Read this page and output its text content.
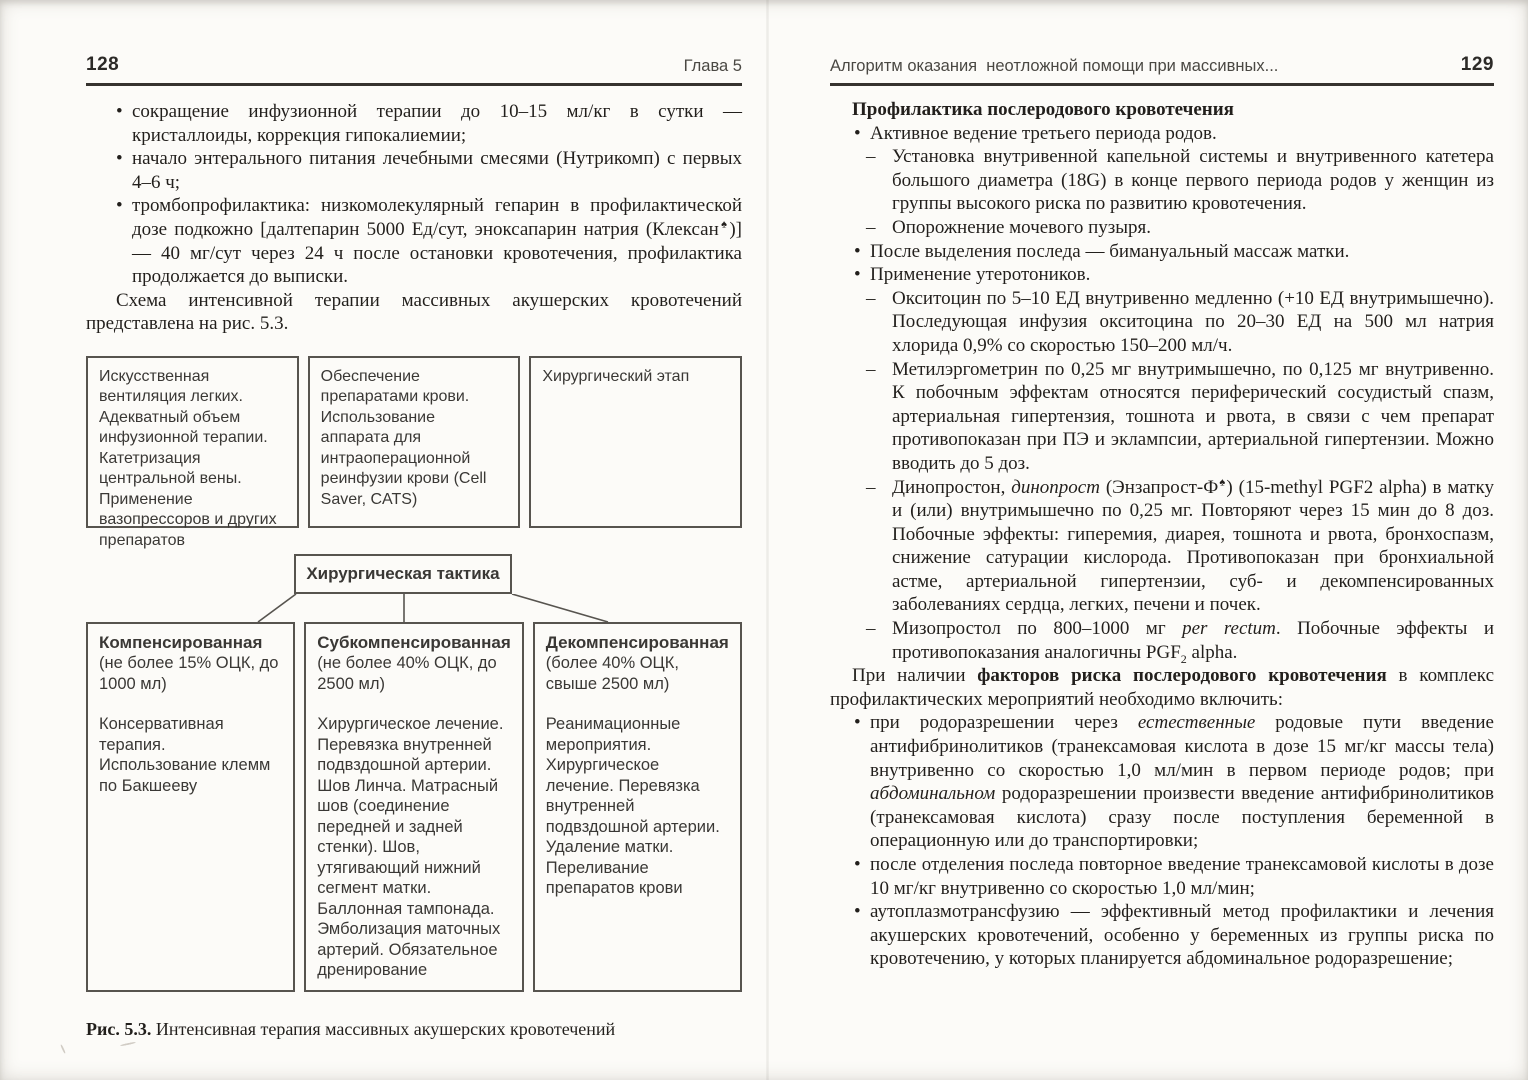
128	Глава 5
• сокращение инфузионной терапии до 10–15 мл/кг в сутки — кристаллоиды, коррекция гипокалиемии;
• начало энтерального питания лечебными смесями (Нутрикомп) с первых 4–6 ч;
• тромбопрофилактика: низкомолекулярный гепарин в профилактической дозе подкожно [далтепарин 5000 Ед/сут, эноксапарин натрия (Клексан♠)] — 40 мг/сут через 24 ч после остановки кровотечения, профилактика продолжается до выписки.
Схема интенсивной терапии массивных акушерских кровотечений представлена на рис. 5.3.
Искусственная вентиляция легких. Адекватный объем инфузионной терапии. Катетризация центральной вены. Применение вазопрессоров и других препаратов
Обеспечение препаратами крови. Использование аппарата для интраоперационной реинфузии крови (Cell Saver, CATS)
Хирургический этап
Хирургическая тактика
Компенсированная
(не более 15% ОЦК, до 1000 мл)
Консервативная терапия. Использование клемм по Бакшееву
Субкомпенсированная
(не более 40% ОЦК, до 2500 мл)
Хирургическое лечение. Перевязка внутренней подвздошной артерии. Шов Линча. Матрасный шов (соединение передней и задней стенки). Шов, утягивающий нижний сегмент матки. Баллонная тампонада. Эмболизация маточных артерий. Обязательное дренирование
Декомпенсированная
(более 40% ОЦК, свыше 2500 мл)
Реанимационные мероприятия. Хирургическое лечение. Перевязка внутренней подвздошной артерии. Удаление матки. Переливание препаратов крови
Рис. 5.3. Интенсивная терапия массивных акушерских кровотечений
Алгоритм оказания  неотложной помощи при массивных...	129
Профилактика послеродового кровотечения
• Активное ведение третьего периода родов.
– Установка внутривенной капельной системы и внутривенного катетера большого диаметра (18G) в конце первого периода родов у женщин из группы высокого риска по развитию кровотечения.
– Опорожнение мочевого пузыря.
• После выделения последа — бимануальный массаж матки.
• Применение утеротоников.
– Окситоцин по 5–10 ЕД внутривенно медленно (+10 ЕД внутримышечно). Последующая инфузия окситоцина по 20–30 ЕД на 500 мл натрия хлорида 0,9% со скоростью 150–200 мл/ч.
– Метилэргометрин по 0,25 мг внутримышечно, по 0,125 мг внутривенно. К побочным эффектам относятся периферический сосудистый спазм, артериальная гипертензия, тошнота и рвота, в связи с чем препарат противопоказан при ПЭ и эклампсии, артериальной гипертензии. Можно вводить до 5 доз.
– Динопростон, динопрост (Энзапрост-Ф♠) (15-methyl PGF2 alpha) в матку и (или) внутримышечно по 0,25 мг. Повторяют через 15 мин до 8 доз. Побочные эффекты: гиперемия, диарея, тошнота и рвота, бронхоспазм, снижение сатурации кислорода. Противопоказан при бронхиальной астме, артериальной гипертензии, суб- и декомпенсированных заболеваниях сердца, легких, печени и почек.
– Мизопростол по 800–1000 мг per rectum. Побочные эффекты и противопоказания аналогичны $PGF_2$ alpha.
При наличии факторов риска послеродового кровотечения в комплекс профилактических мероприятий необходимо включить:
• при родоразрешении через естественные родовые пути введение антифибринолитиков (транексамовая кислота в дозе 15 мг/кг массы тела) внутривенно со скоростью 1,0 мл/мин в первом периоде родов; при абдоминальном родоразрешении произвести введение антифибринолитиков (транексамовая кислота) сразу после поступления беременной в операционную или до транспортировки;
• после отделения последа повторное введение транексамовой кислоты в дозе 10 мг/кг внутривенно со скоростью 1,0 мл/мин;
• аутоплазмотрансфузию — эффективный метод профилактики и лечения акушерских кровотечений, особенно у беременных из группы риска по кровотечению, у которых планируется абдоминальное родоразрешение;
